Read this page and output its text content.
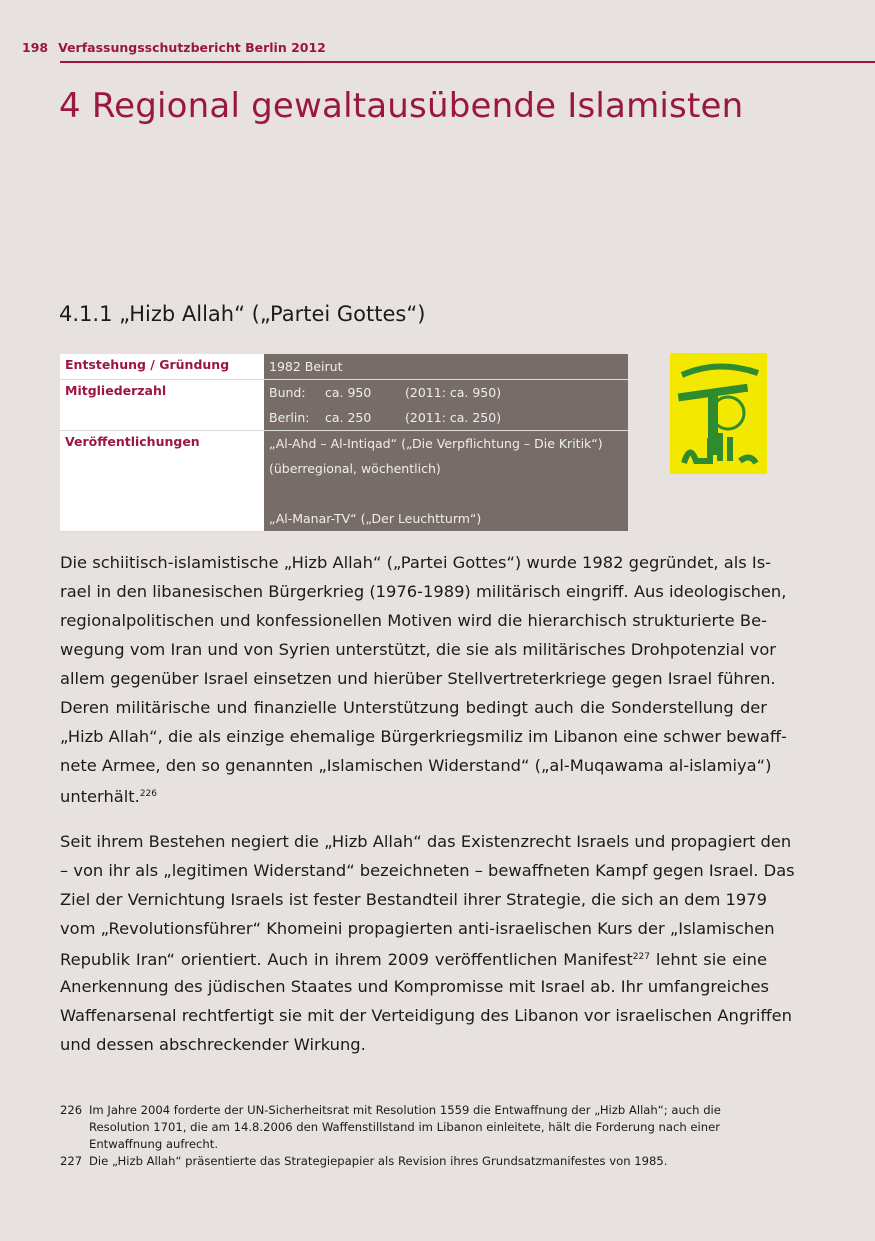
198 Verfassungsschutzbericht Berlin 2012
4 Regional gewaltausübende Islamisten
4.1.1 „Hizb Allah“ („Partei Gottes“)
Entstehung / Gründung	1982 Beirut

Mitgliederzahl	Bund: ca. 950 (2011: ca. 950)
Berlin: ca. 250 (2011: ca. 250)

Veröffentlichungen	„Al-Ahd – Al-Intiqad“ („Die Verpflichtung – Die Kritik“)
(überregional, wöchentlich)
„Al-Manar-TV“ („Der Leuchtturm“)
Die schiitisch-islamistische „Hizb Allah“ („Partei Gottes“) wurde 1982 gegründet, als Is-
rael in den libanesischen Bürgerkrieg (1976-1989) militärisch eingriff. Aus ideologischen,
regionalpolitischen und konfessionellen Motiven wird die hierarchisch strukturierte Be-
wegung vom Iran und von Syrien unterstützt, die sie als militärisches Drohpotenzial vor
allem gegenüber Israel einsetzen und hierüber Stellvertreterkriege gegen Israel führen.
Deren militärische und finanzielle Unterstützung bedingt auch die Sonderstellung der
„Hizb Allah“, die als einzige ehemalige Bürgerkriegsmiliz im Libanon eine schwer bewaff-
nete Armee, den so genannten „Islamischen Widerstand“ („al-Muqawama al-islamiya“)
unterhält.$^{226}$
Seit ihrem Bestehen negiert die „Hizb Allah“ das Existenzrecht Israels und propagiert den
– von ihr als „legitimen Widerstand“ bezeichneten – bewaffneten Kampf gegen Israel. Das
Ziel der Vernichtung Israels ist fester Bestandteil ihrer Strategie, die sich an dem 1979
vom „Revolutionsführer“ Khomeini propagierten anti-israelischen Kurs der „Islamischen
Republik Iran“ orientiert. Auch in ihrem 2009 veröffentlichen Manifest$^{227}$ lehnt sie eine
Anerkennung des jüdischen Staates und Kompromisse mit Israel ab. Ihr umfangreiches
Waffenarsenal rechtfertigt sie mit der Verteidigung des Libanon vor israelischen Angriffen
und dessen abschreckender Wirkung.
226 Im Jahre 2004 forderte der UN-Sicherheitsrat mit Resolution 1559 die Entwaffnung der „Hizb Allah“; auch die
Resolution 1701, die am 14.8.2006 den Waffenstillstand im Libanon einleitete, hält die Forderung nach einer
Entwaffnung aufrecht.
227 Die „Hizb Allah“ präsentierte das Strategiepapier als Revision ihres Grundsatzmanifestes von 1985.
